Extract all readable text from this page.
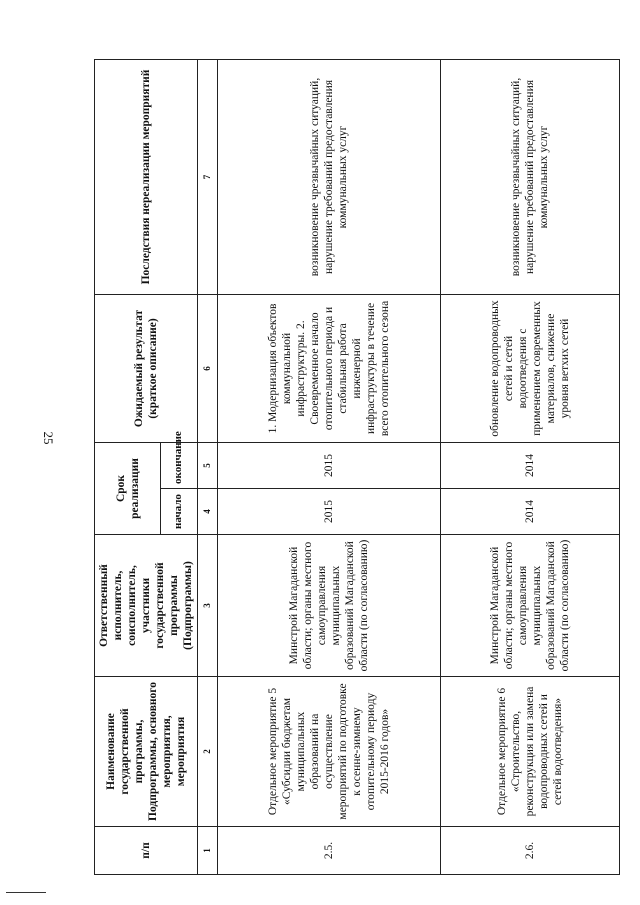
25
п/п	Наименование государственной программы, Подпрограммы, основного мероприятия, мероприятия	Ответственный исполнитель, соисполнитель, участники государственной программы (Подпрограммы)	Срок реализации		Ожидаемый результат (краткое описание)	Последствия нереализации мероприятий
			начало	окончание		
1	2	3	4	5	6	7
2.5.	Отдельное мероприятие 5 «Субсидии бюджетам муниципальных образований на осуществление мероприятий по подготовке к осенне-зимнему отопительному периоду 2015-2016 годов»	Минстрой Магаданской области; органы местного самоуправления муниципальных образований Магаданской области (по согласованию)	2015	2015	1. Модернизация объектов коммунальной инфраструктуры. 2. Своевременное начало отопительного периода и стабильная работа инженерной инфраструктуры в течение всего отопительного сезона	возникновение чрезвычайных ситуаций, нарушение требований предоставления коммунальных услуг
2.6.	Отдельное мероприятие 6 «Строительство, реконструкция или замена водопроводных сетей и сетей водоотведения»	Минстрой Магаданской области; органы местного самоуправления муниципальных образований Магаданской области (по согласованию)	2014	2014	обновление водопроводных сетей и сетей водоотведения с применением современных материалов, снижение уровня ветхих сетей	возникновение чрезвычайных ситуаций, нарушение требований предоставления коммунальных услуг
